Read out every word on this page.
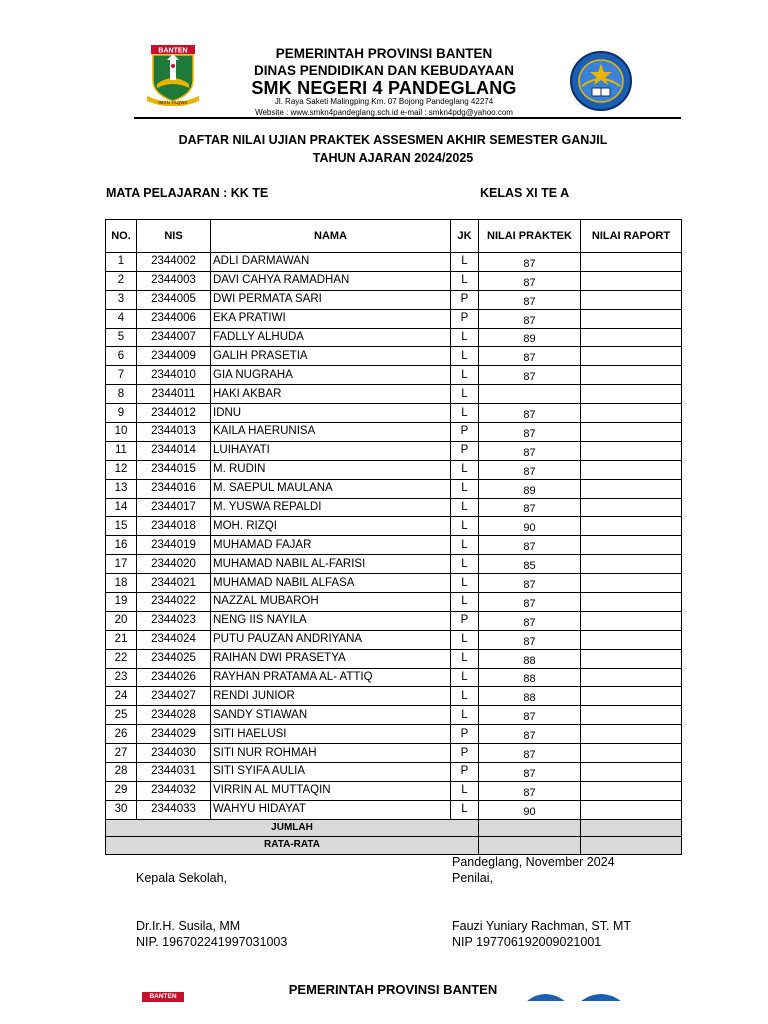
BANTEN
IMAN TAQWA
PEMERINTAH PROVINSI BANTEN
DINAS PENDIDIKAN DAN KEBUDAYAAN
SMK NEGERI 4 PANDEGLANG
Jl. Raya Saketi Malingping Km. 07 Bojong Pandeglang 42274
Website : www.smkn4pandeglang.sch.id e-mail : smkn4pdg@yahoo.com
DAFTAR NILAI UJIAN PRAKTEK ASSESMEN AKHIR SEMESTER GANJIL
TAHUN AJARAN 2024/2025
MATA PELAJARAN : KK TE	KELAS XI TE A
NO.	NIS	NAMA	JK	NILAI PRAKTEK	NILAI RAPORT
1	2344002	ADLI DARMAWAN	L	87	
2	2344003	DAVI CAHYA RAMADHAN	L	87	
3	2344005	DWI PERMATA SARI	P	87	
4	2344006	EKA PRATIWI	P	87	
5	2344007	FADLLY ALHUDA	L	89	
6	2344009	GALIH PRASETIA	L	87	
7	2344010	GIA NUGRAHA	L	87	
8	2344011	HAKI AKBAR	L		
9	2344012	IDNU	L	87	
10	2344013	KAILA HAERUNISA	P	87	
11	2344014	LUIHAYATI	P	87	
12	2344015	M. RUDIN	L	87	
13	2344016	M. SAEPUL MAULANA	L	89	
14	2344017	M. YUSWA REPALDI	L	87	
15	2344018	MOH. RIZQI	L	90	
16	2344019	MUHAMAD FAJAR	L	87	
17	2344020	MUHAMAD NABIL AL-FARISI	L	85	
18	2344021	MUHAMAD NABIL ALFASA	L	87	
19	2344022	NAZZAL MUBAROH	L	87	
20	2344023	NENG IIS NAYILA	P	87	
21	2344024	PUTU PAUZAN ANDRIYANA	L	87	
22	2344025	RAIHAN DWI PRASETYA	L	88	
23	2344026	RAYHAN PRATAMA AL- ATTIQ	L	88	
24	2344027	RENDI JUNIOR	L	88	
25	2344028	SANDY STIAWAN	L	87	
26	2344029	SITI HAELUSI	P	87	
27	2344030	SITI NUR ROHMAH	P	87	
28	2344031	SITI SYIFA AULIA	P	87	
29	2344032	VIRRIN AL MUTTAQIN	L	87	
30	2344033	WAHYU HIDAYAT	L	90	
JUMLAH					
RATA-RATA					
Pandeglang, November 2024
Kepala Sekolah,	Penilai,
Dr.Ir.H. Susila, MM
NIP. 196702241997031003
Fauzi Yuniary Rachman, ST. MT
NIP 197706192009021001
BANTEN	PEMERINTAH PROVINSI BANTEN
